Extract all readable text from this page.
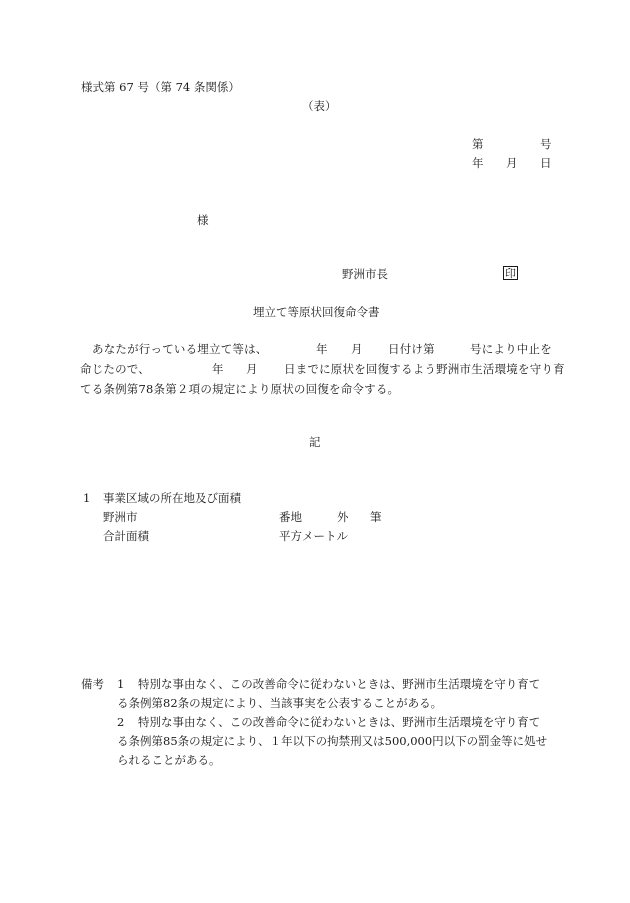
様式第 67 号（第 74 条関係）
（表）
第	号
年 月 日
様
野洲市長	印
埋立て等原状回復命令書
あなたが行っている埋立て等は、	年 月 日付け第	号により中止を
命じたので、	年 月 日までに原状を回復するよう野洲市生活環境を守り育
てる条例第78条第２項の規定により原状の回復を命令する。
記
1 事業区域の所在地及び面積
野洲市	番地	外 筆
合計面積	平方メートル
備考 1 特別な事由なく、この改善命令に従わないときは、野洲市生活環境を守り育て
る条例第82条の規定により、当該事実を公表することがある。
2 特別な事由なく、この改善命令に従わないときは、野洲市生活環境を守り育て
る条例第85条の規定により、１年以下の拘禁刑又は500,000円以下の罰金等に処せ
られることがある。
